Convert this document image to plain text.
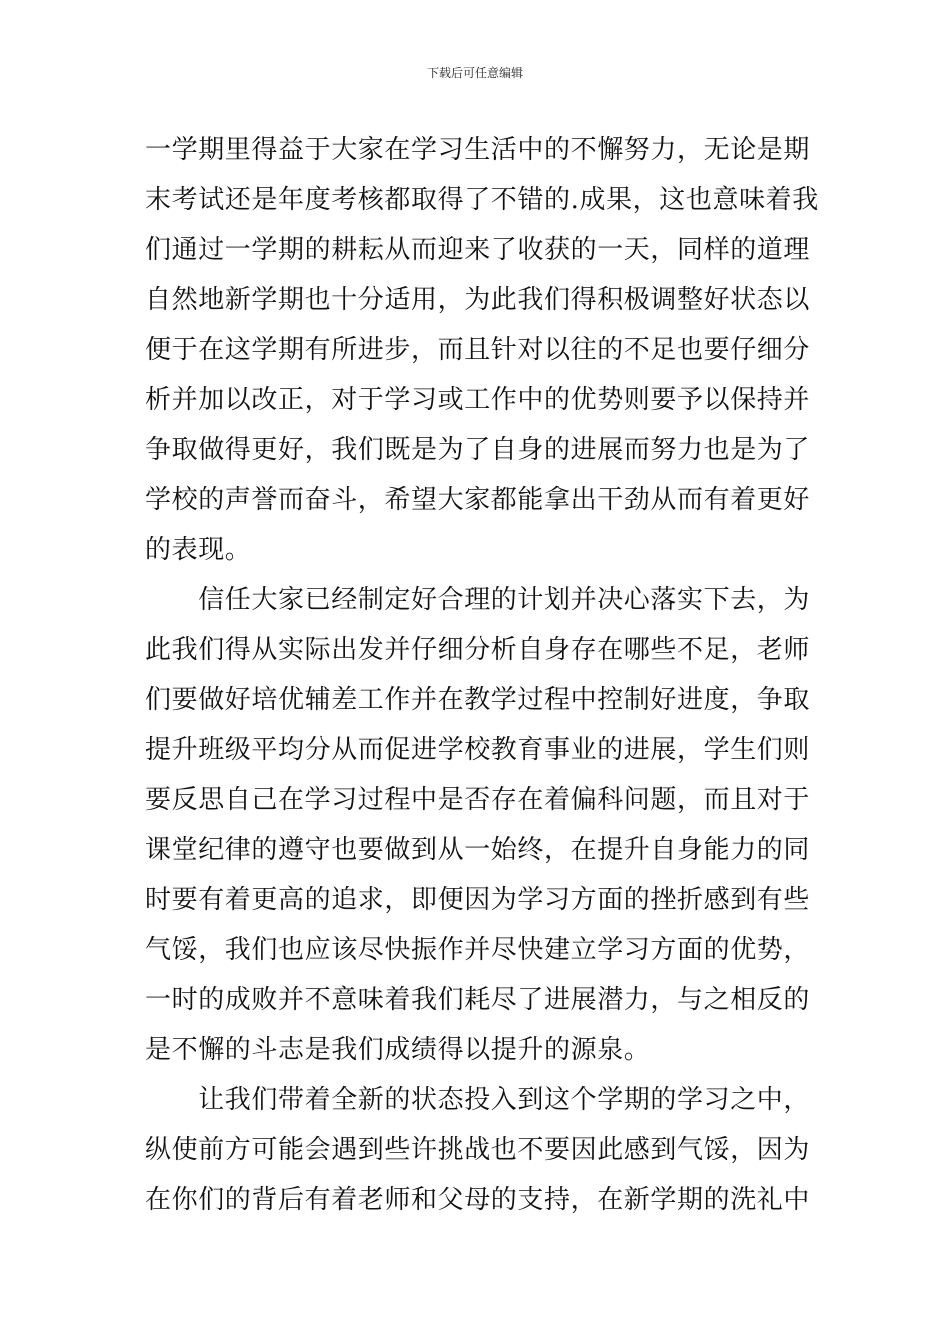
下载后可任意编辑
一学期里得益于大家在学习生活中的不懈努力，无论是期
末考试还是年度考核都取得了不错的.成果，这也意味着我
们通过一学期的耕耘从而迎来了收获的一天，同样的道理
自然地新学期也十分适用，为此我们得积极调整好状态以
便于在这学期有所进步，而且针对以往的不足也要仔细分
析并加以改正，对于学习或工作中的优势则要予以保持并
争取做得更好，我们既是为了自身的进展而努力也是为了
学校的声誉而奋斗，希望大家都能拿出干劲从而有着更好
的表现。
　　信任大家已经制定好合理的计划并决心落实下去，为
此我们得从实际出发并仔细分析自身存在哪些不足，老师
们要做好培优辅差工作并在教学过程中控制好进度，争取
提升班级平均分从而促进学校教育事业的进展，学生们则
要反思自己在学习过程中是否存在着偏科问题，而且对于
课堂纪律的遵守也要做到从一始终，在提升自身能力的同
时要有着更高的追求，即便因为学习方面的挫折感到有些
气馁，我们也应该尽快振作并尽快建立学习方面的优势，
一时的成败并不意味着我们耗尽了进展潜力，与之相反的
是不懈的斗志是我们成绩得以提升的源泉。
　　让我们带着全新的状态投入到这个学期的学习之中，
纵使前方可能会遇到些许挑战也不要因此感到气馁，因为
在你们的背后有着老师和父母的支持，在新学期的洗礼中
